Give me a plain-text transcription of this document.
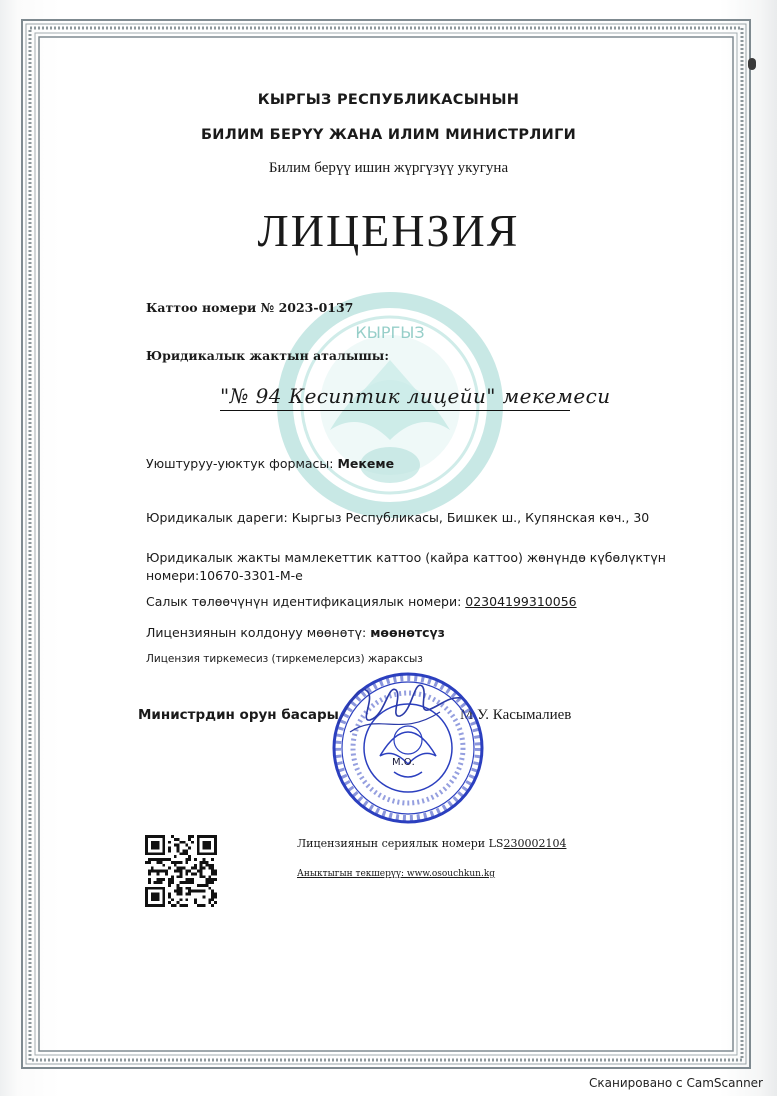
КЫРГЫЗ
КЫРГЫЗ РЕСПУБЛИКАСЫНЫН
БИЛИМ БЕРҮҮ ЖАНА ИЛИМ МИНИСТРЛИГИ
Билим берүү ишин жүргүзүү укугуна
ЛИЦЕНЗИЯ
Каттоо номери № 2023-0137
Юридикалык жактын аталышы:
"№ 94 Кесиптик лицейи" мекемеси
Уюштуруу-уюктук формасы: Мекеме
Юридикалык дареги: Кыргыз Республикасы, Бишкек ш., Купянская көч., 30
Юридикалык жакты мамлекеттик каттоо (кайра каттоо) жөнүндө күбөлүктүн
номери:10670-3301-М-е
Салык төлөөчүнүн идентификациялык номери: 02304199310056
Лицензиянын колдонуу мөөнөтү: мөөнөтсүз
Лицензия тиркемесиз (тиркемелерсиз) жараксыз
Министрдин орун басары	М.У. Касымалиев
М.О.
Лицензиянын сериялык номери LS230002104
Аныктыгын текшерүү: www.osouchkun.kg
Сканировано с CamScanner
